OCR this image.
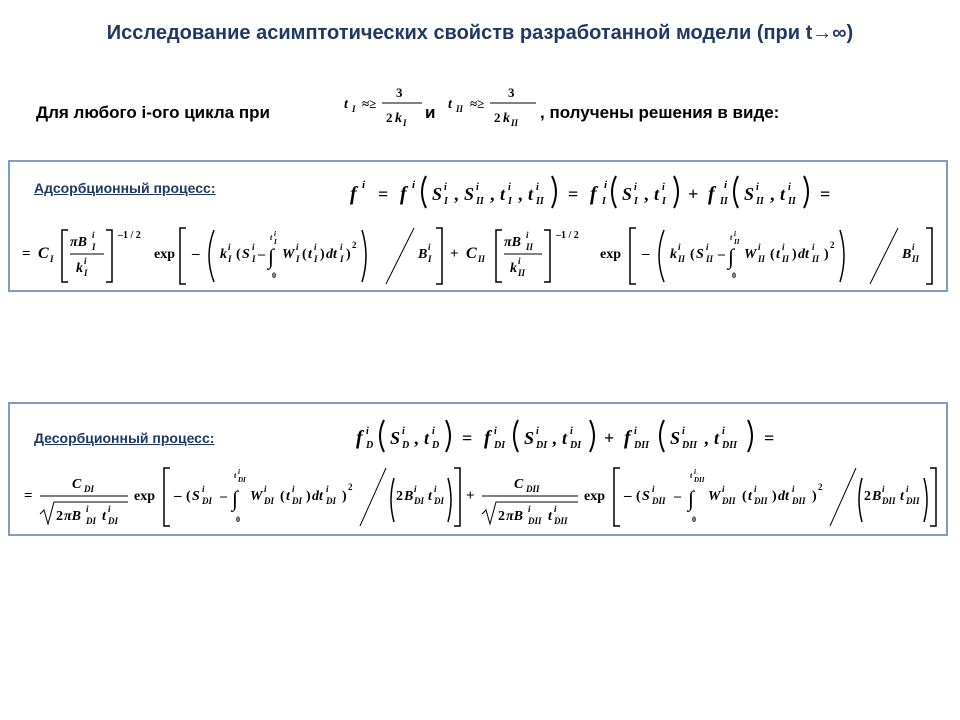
Исследование асимптотических свойств разработанной модели (при t→∞)
Для любого i-ого цикла при	t I ≈≥
3
2 k I
и t II ≈≥
3
2 k II
, получены решения в виде:
Адсорбционный процесс:	f i = f i S i
I , S i
II , t i
I , t i
II = f I
i S i
I , t i
I + f II
i S i
II , t i
II =
= C I
πB i
I
k i
I
–1 / 2
exp – k i
I ( S i
I –
t i
I
∫
0
W i
I ( t i
I ) dt i
I )
2
B i
I + C II
πB i
II
k i
II
–1 / 2
exp – k i
II ( S i
II –
t i
II
∫
0
W i
II ( t i
II ) dt i
II )
2
B i
II
Десорбционный процесс:	f i
D S i
D , t i
D = f i
DI S i
DI , t i
DI + f i
DII S i
DII , t i
DII =
=
C DI
2 πB i
DI t i
DI
exp – ( S i
DI –
t i
DI
∫
0
W i
DI ( t i
DI ) dt i
DI )
2
2 B i
DI t i
DI +
C DII
2 πB i
DII t i
DII
exp – ( S i
DII –
t i
DII
∫
0
W i
DII ( t i
DII ) dt i
DII )
2
2 B i
DII t i
DII
